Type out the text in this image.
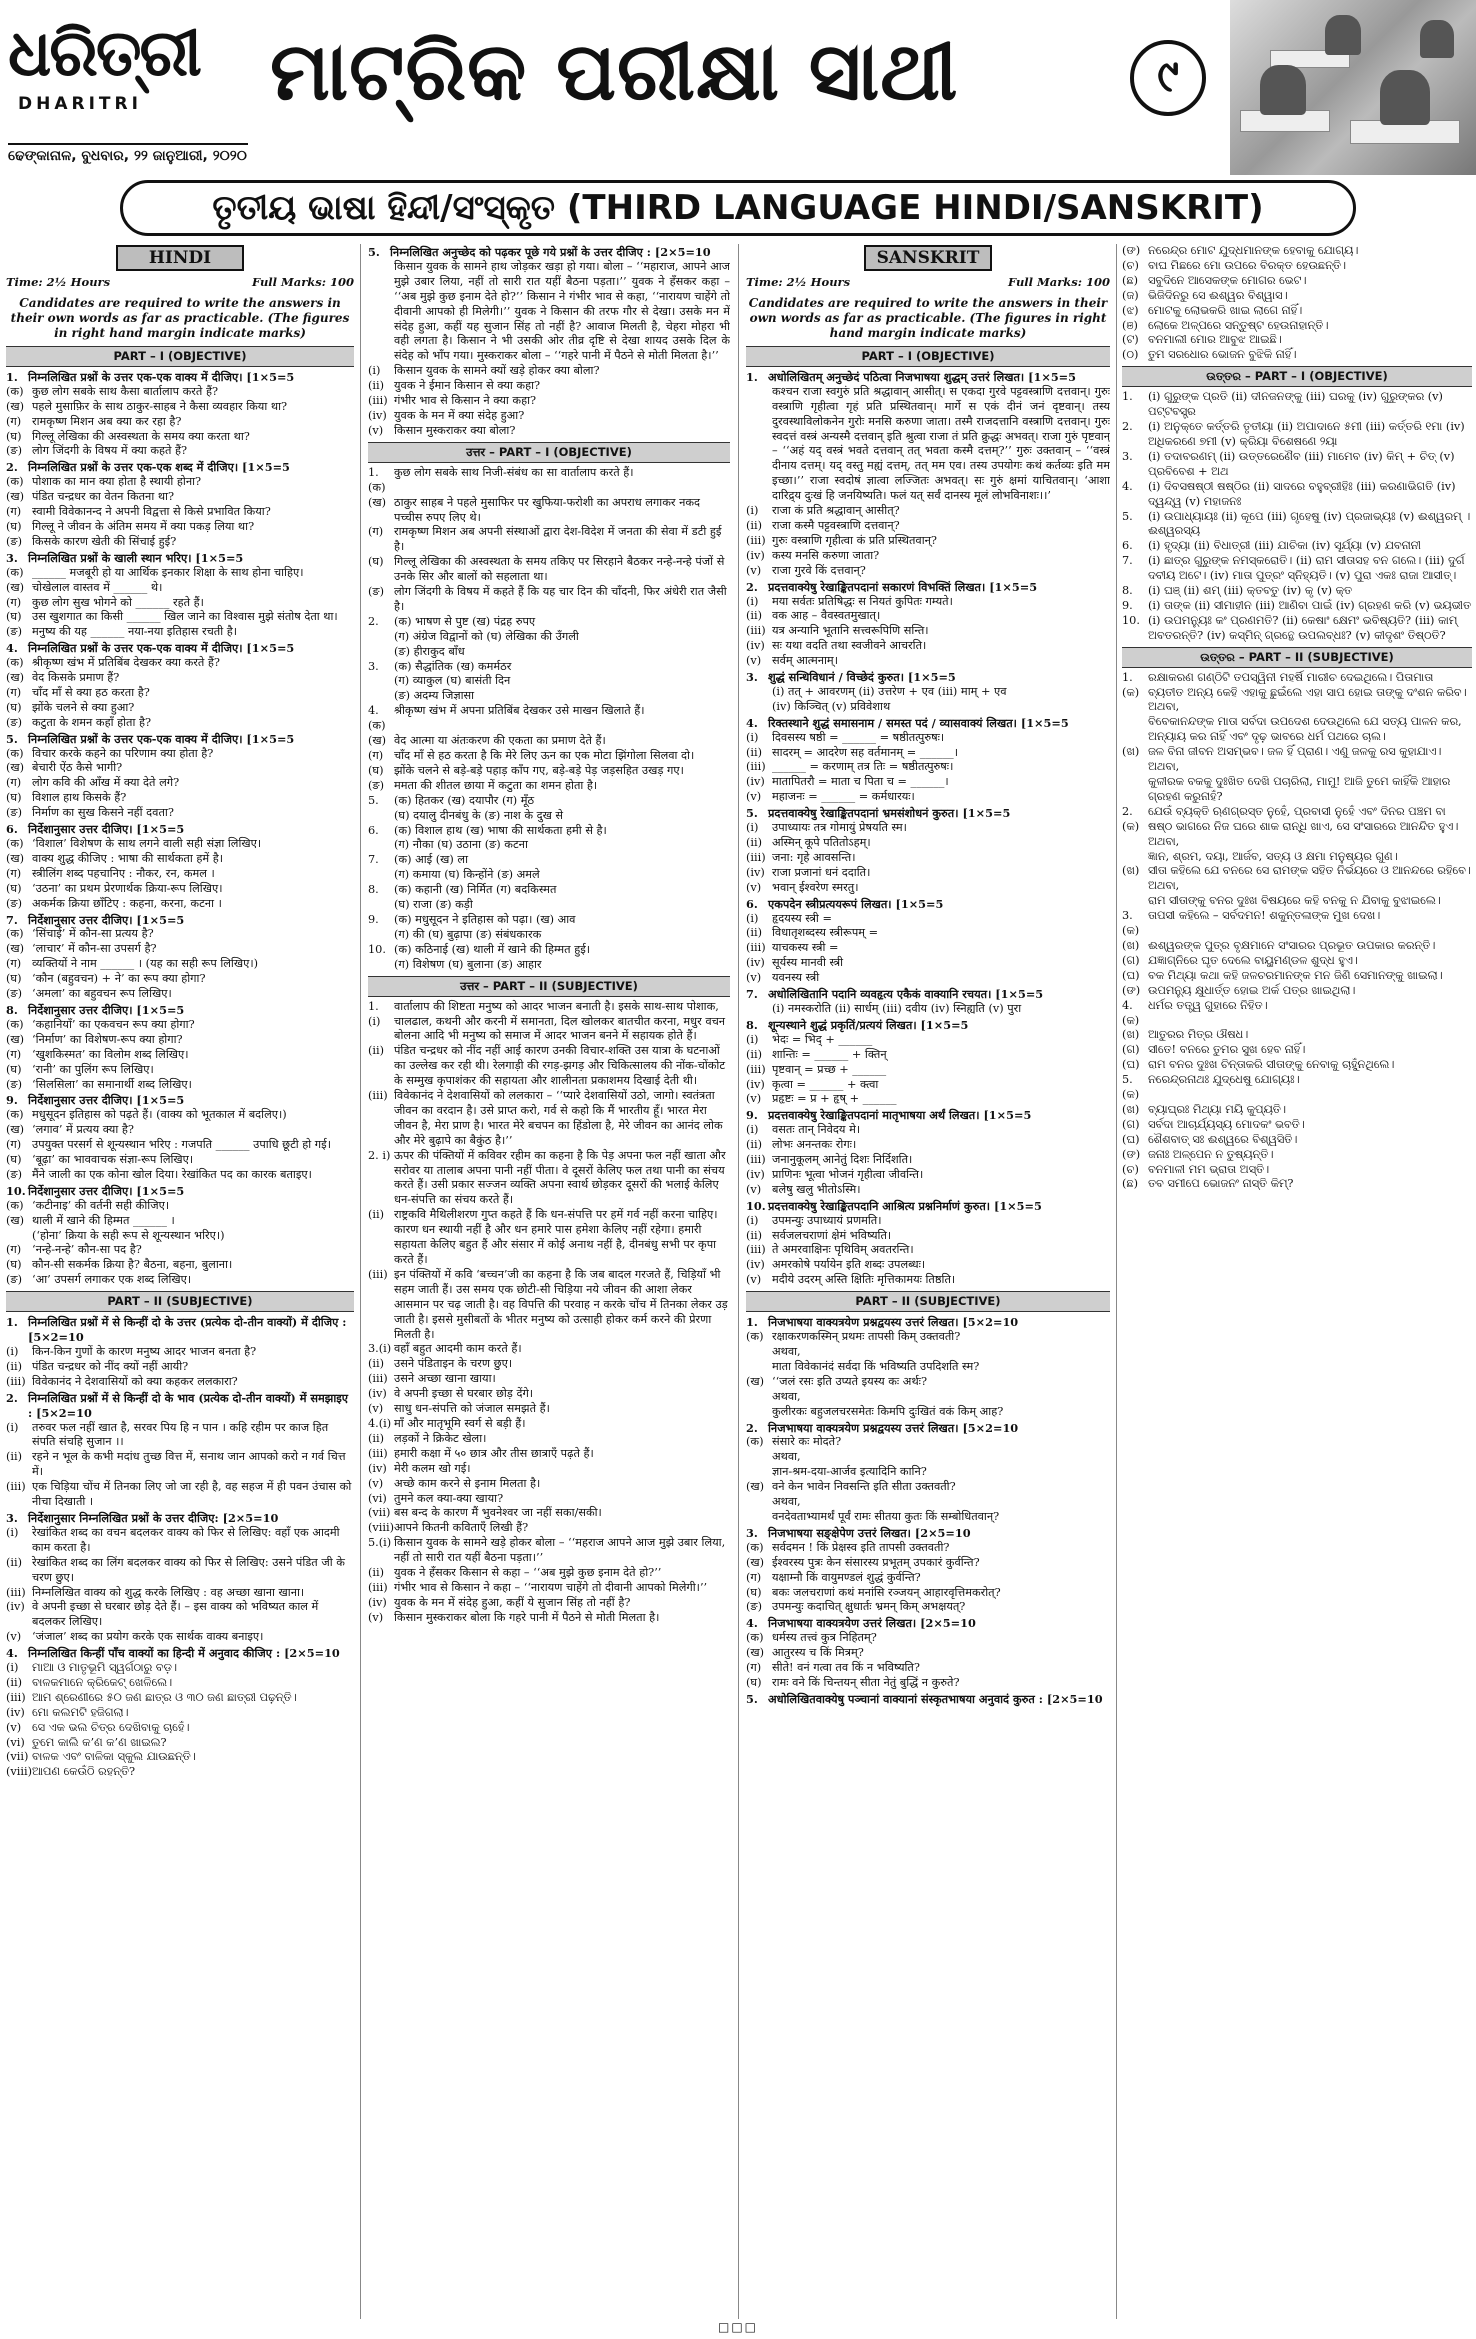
ଧରିତ୍ରୀ
DHARITRI
ଢେଙ୍କାନାଳ, ବୁଧବାର, ୨୨ ଜାନୁଆରୀ, ୨୦୨୦
ମାଟ୍ରିକ ପରୀକ୍ଷା ସାଥୀ	୯
ତୃତୀୟ ଭାଷା ହିନ୍ଦୀ/ସଂସ୍କୃତ (THIRD LANGUAGE HINDI/SANSKRIT)
HINDI
Time: 2½ Hours	Full Marks: 100
Candidates are required to write the answers in their own words as far as practicable. (The figures in right hand margin indicate marks)
PART – I (OBJECTIVE)
1. निम्नलिखित प्रश्नों के उत्तर एक-एक वाक्य में दीजिए। [1×5=5
(क) कुछ लोग सबके साथ कैसा बार्तालाप करते हैं?
(ख) पहले मुसाफ़िर के साथ ठाकुर-साहब ने कैसा व्यवहार किया था?
(ग) रामकृष्ण मिशन अब क्या कर रहा है?
(घ) गिल्लू लेखिका की अस्वस्थता के समय क्या करता था?
(ङ) लोग जिंदगी के विषय में क्या कहते हैं?
2. निम्नलिखित प्रश्नों के उत्तर एक-एक शब्द में दीजिए। [1×5=5
(क) पोशाक का मान क्या होता है स्थायी होना?
(ख) पंडित चन्द्रधर का वेतन कितना था?
(ग) स्वामी विवेकानन्द ने अपनी विद्वत्ता से किसे प्रभावित किया?
(घ) गिल्लू ने जीवन के अंतिम समय में क्या पकड़ लिया था?
(ङ) किसके कारण खेती की सिंचाई हुई?
3. निम्नलिखित प्रश्नों के खाली स्थान भरिए। [1×5=5
(क) ______ मजबूरी हो या आर्थिक इनकार शिक्षा के साथ होना चाहिए।
(ख) चोखेलाल वास्तव में ______ थे।
(ग) कुछ लोग सुख भोगने को ______ रहते हैं।
(घ) उस खुशगात का किसी ______ खिल जाने का विश्वास मुझे संतोष देता था।
(ङ) मनुष्य की यह ______ नया-नया इतिहास रचती है।
4. निम्नलिखित प्रश्नों के उत्तर एक-एक वाक्य में दीजिए। [1×5=5
(क) श्रीकृष्ण खंभ में प्रतिबिंब देखकर क्या करते हैं?
(ख) वेद किसके प्रमाण हैं?
(ग) चाँद माँ से क्या हठ करता है?
(घ) झोंके चलने से क्या हुआ?
(ङ) कटुता के शमन कहाँ होता है?
5. निम्नलिखित प्रश्नों के उत्तर एक-एक वाक्य में दीजिए। [1×5=5
(क) विचार करके कहने का परिणाम क्या होता है?
(ख) बेचारी ऐंठ कैसे भागी?
(ग) लोग कवि की आँख में क्या देते लगे?
(घ) विशाल हाथ किसके हैं?
(ङ) निर्माण का सुख किसने नहीं दवता?
6. निर्देशानुसार उत्तर दीजिए। [1×5=5
(क) ‘विशाल’ विशेषण के साथ लगने वाली सही संज्ञा लिखिए।
(ख) वाक्य शुद्ध कीजिए : भाषा की सार्थकता हमें है।
(ग) स्त्रीलिंग शब्द पहचानिए : नौकर, रन, कमल ।
(घ) ‘उठना’ का प्रथम प्रेरणार्थक क्रिया-रूप लिखिए।
(ङ) अकर्मक क्रिया छाँटिए : कहना, करना, कटना ।
7. निर्देशानुसार उत्तर दीजिए। [1×5=5
(क) ‘सिंचाई’ में कौन-सा प्रत्यय है?
(ख) ‘लाचार’ में कौन-सा उपसर्ग है?
(ग) व्यक्तियों ने नाम ______ । (यह का सही रूप लिखिए।)
(घ) ‘कौन (बहुवचन) + ने’ का रूप क्या होगा?
(ङ) ‘अमला’ का बहुवचन रूप लिखिए।
8. निर्देशानुसार उत्तर दीजिए। [1×5=5
(क) ‘कहानियाँ’ का एकवचन रूप क्या होगा?
(ख) ‘निर्माण’ का विशेषण-रूप क्या होगा?
(ग) ‘खुशकिस्मत’ का विलोम शब्द लिखिए।
(घ) ‘रानी’ का पुलिंग रूप लिखिए।
(ङ) ‘सिलसिला’ का समानार्थी शब्द लिखिए।
9. निर्देशानुसार उत्तर दीजिए। [1×5=5
(क) मधुसूदन इतिहास को पढ़ते हैं। (वाक्य को भूतकाल में बदलिए।)
(ख) ‘लगाव’ में प्रत्यय क्या है?
(ग) उपयुक्त परसर्ग से शून्यस्थान भरिए : गजपति ______ उपाधि छूटी हो गई।
(घ) ‘बूढ़ा’ का भाववाचक संज्ञा-रूप लिखिए।
(ङ) मैंने जाली का एक कोना खोल दिया। रेखांकित पद का कारक बताइए।
10. निर्देशानुसार उत्तर दीजिए। [1×5=5
(क) ‘कटीनाइ’ की वर्तनी सही कीजिए।
(ख) थाली में खाने की हिम्मत ______ ।
(‘होना’ क्रिया के सही रूप से शून्यस्थान भरिए।)
(ग) ‘नन्हे-नन्हे’ कौन-सा पद है?
(घ) कौन-सी सकर्मक क्रिया है? बैठना, बहना, बुलाना।
(ङ) ‘आ’ उपसर्ग लगाकर एक शब्द लिखिए।
PART – II (SUBJECTIVE)
1. निम्नलिखित प्रश्नों में से किन्हीं दो के उत्तर (प्रत्येक दो-तीन वाक्यों) में दीजिए : [5×2=10
(i)	किन-किन गुणों के कारण मनुष्य आदर भाजन बनता है?
(ii) पंडित चन्द्रधर को नींद क्यों नहीं आयी?
(iii) विवेकानंद ने देशवासियों को क्या कहकर ललकारा?
2. निम्नलिखित प्रश्नों में से किन्हीं दो के भाव (प्रत्येक दो-तीन वाक्यों) में समझाइए : [5×2=10
(i)	तरुवर फल नहीं खात है, सरवर पिय हि न पान । कहि रहीम पर काज हित संपति संचहि सुजान ।।
(ii) रहने न भूल के कभी मदांध तुच्छ वित्त में, सनाथ जान आपको करो न गर्व चित्त में।
(iii) एक चिड़िया चोंच में तिनका लिए जो जा रही है, वह सहज में ही पवन उंचास को नीचा दिखाती ।
3. निर्देशानुसार निम्नलिखित प्रश्नों के उत्तर दीजिए: [2×5=10
(i)	रेखांकित शब्द का वचन बदलकर वाक्य को फिर से लिखिए: वहाँ एक आदमी काम करता है।
(ii) रेखांकित शब्द का लिंग बदलकर वाक्य को फिर से लिखिए: उसने पंडित जी के चरण छुए।
(iii) निम्नलिखित वाक्य को शुद्ध करके लिखिए : वह अच्छा खाना खाना।
(iv) वे अपनी इच्छा से घरबार छोड़ देते हैं। – इस वाक्य को भविष्यत काल में बदलकर लिखिए।
(v) ‘जंजाल’ शब्द का प्रयोग करके एक सार्थक वाक्य बनाइए।
4. निम्नलिखित किन्हीं पाँच वाक्यों का हिन्दी में अनुवाद कीजिए : [2×5=10
(i)	ମାଆ ଓ ମାତୃଭୂମି ସ୍ୱର୍ଗଠାରୁ ବଡ଼।
(ii) ବାଳକମାନେ କ୍ରିକେଟ୍ ଖେଳିଲେ।
(iii) ଆମ ଶ୍ରେଣୀରେ ୫୦ ଜଣ ଛାତ୍ର ଓ ୩୦ ଜଣ ଛାତ୍ରୀ ପଢ଼ନ୍ତି।
(iv) ମୋ କଲମଟି ହଜିଗଲା।
(v) ସେ ଏକ ଭଲ ଚିତ୍ର ଦେଖିବାକୁ ଚାହେଁ।
(vi) ତୁମେ କାଲି କ’ଣ କ’ଣ ଖାଇଲ?
(vii) ବାଳକ ଏବଂ ବାଳିକା ସ୍କୁଲ ଯାଉଛନ୍ତି।
(viii) ଆପଣ କେଉଁଠି ରହନ୍ତି?
5. निम्नलिखित अनुच्छेद को पढ़कर पूछे गये प्रश्नों के उत्तर दीजिए : [2×5=10
किसान युवक के सामने हाथ जोड़कर खड़ा हो गया। बोला – ‘‘महाराज, आपने आज मुझे उबार लिया, नहीं तो सारी रात यहीं बैठना पड़ता।’’ युवक ने हँसकर कहा – ‘‘अब मुझे कुछ इनाम देते हो?’’ किसान ने गंभीर भाव से कहा, ‘‘नारायण चाहेंगे तो दीवानी आपको ही मिलेगी।’’ युवक ने किसान की तरफ गौर से देखा। उसके मन में संदेह हुआ, कहीं यह सुजान सिंह तो नहीं है? आवाज मिलती है, चेहरा मोहरा भी वही लगता है। किसान ने भी उसकी ओर तीव्र दृष्टि से देखा शायद उसके दिल के संदेह को भाँप गया। मुस्कराकर बोला – ‘‘गहरे पानी में पैठने से मोती मिलता है।’’
(i)	किसान युवक के सामने क्यों खड़े होकर क्या बोला?
(ii) युवक ने ईमान किसान से क्या कहा?
(iii) गंभीर भाव से किसान ने क्या कहा?
(iv) युवक के मन में क्या संदेह हुआ?
(v) किसान मुस्कराकर क्या बोला?
उत्तर – PART – I (OBJECTIVE)
1. (क)
कुछ लोग सबके साथ निजी-संबंध का सा वार्तालाप करते हैं।
(ख) ठाकुर साहब ने पहले मुसाफिर पर खुफिया-फरोशी का अपराध लगाकर नकद पच्चीस रुपए लिए थे।
(ग) रामकृष्ण मिशन अब अपनी संस्थाओं द्वारा देश-विदेश में जनता की सेवा में डटी हुई है।
(घ) गिल्लू लेखिका की अस्वस्थता के समय तकिए पर सिरहाने बैठकर नन्हे-नन्हे पंजों से उनके सिर और बालों को सहलाता था।
(ङ) लोग जिंदगी के विषय में कहते हैं कि यह चार दिन की चाँदनी, फिर अंधेरी रात जैसी है।
2.	(क) भाषण से पुष्ट (ख) पंद्रह रुपए
(ग) अंग्रेज विद्वानों को (घ) लेखिका की उँगली
(ङ) हीराकुद बाँध
3.	(क) सैद्धांतिक (ख) कमर्मठर
(ग) व्याकुल (घ) बासंती दिन
(ङ) अदम्य जिज्ञासा
4.(क)
श्रीकृष्ण खंभ में अपना प्रतिबिंब देखकर उसे माखन खिलाते हैं।
(ख) वेद आत्मा या अंतःकरण की एकता का प्रमाण देते हैं।
(ग) चाँद माँ से हठ करता है कि मेरे लिए ऊन का एक मोटा झिंगोला सिलवा दो।
(घ) झोंके चलने से बड़े-बड़े पहाड़ काँप गए, बड़े-बड़े पेड़ जड़सहित उखड़ गए।
(ङ) ममता की शीतल छाया में कटुता का शमन होता है।
5.	(क) हितकर (ख) दयापौर (ग) मूँठ
(घ) दयालु दीनबंधु के (ङ) नाश के दुख से
6.	(क) विशाल हाथ (ख) भाषा की सार्थकता हमी से है।
(ग) नौका (घ) उठाना (ङ) कटना
7.	(क) आई (ख) ला
(ग) कमाया (घ) किन्होंने (ङ) अमले
8.	(क) कहानी (ख) निर्मित (ग) बदकिस्मत
(घ) राजा (ङ) कड़ी
9.	(क) मधुसूदन ने इतिहास को पढ़ा। (ख) आव
(ग) की (घ) बुढ़ापा (ङ) संबंधकारक
10. (क) कठिनाई (ख) थाली में खाने की हिम्मत हुई।
(ग) विशेषण (घ) बुलाना (ङ) आहार
उत्तर – PART – II (SUBJECTIVE)
1. (i)
वार्तालाप की शिष्टता मनुष्य को आदर भाजन बनाती है। इसके साथ-साथ पोशाक, चालढाल, कथनी और करनी में समानता, दिल खोलकर बातचीत करना, मधुर वचन बोलना आदि भी मनुष्य को समाज में आदर भाजन बनने में सहायक होते हैं।
(ii) पंडित चन्द्रधर को नींद नहीं आई कारण उनकी विचार-शक्ति उस यात्रा के घटनाओं का उल्लेख कर रही थी। रेलगाड़ी की रगड़-झगड़ और चिकित्सालय की नोंक-चोंकोट के सम्मुख कृपाशंकर की सहायता और शालीनता प्रकाशमय दिखाई देती थी।
(iii) विवेकानंद ने देशवासियों को ललकारा – ‘‘प्यारे देशवासियों उठो, जागो। स्वतंत्रता जीवन का वरदान है। उसे प्राप्त करो, गर्व से कहो कि मैं भारतीय हूँ। भारत मेरा जीवन है, मेरा प्राण है। भारत मेरे बचपन का हिंडोला है, मेरे जीवन का आनंद लोक और मेरे बुढ़ापे का बैकुंठ है।’’
2. i) ऊपर की पंक्तियों में कविवर रहीम का कहना है कि पेड़ अपना फल नहीं खाता और सरोवर या तालाब अपना पानी नहीं पीता। वे दूसरों केलिए फल तथा पानी का संचय करते हैं। उसी प्रकार सज्जन व्यक्ति अपना स्वार्थ छोड़कर दूसरों की भलाई केलिए धन-संपत्ति का संचय करते हैं।
(ii) राष्ट्रकवि मैथिलीशरण गुप्त कहते हैं कि धन-संपत्ति पर हमें गर्व नहीं करना चाहिए। कारण धन स्थायी नहीं है और धन हमारे पास हमेशा केलिए नहीं रहेगा। हमारी सहायता केलिए बहुत हैं और संसार में कोई अनाथ नहीं है, दीनबंधु सभी पर कृपा करते हैं।
(iii) इन पंक्तियों में कवि ‘बच्चन’जी का कहना है कि जब बादल गरजते हैं, चिड़ियाँ भी सहम जाती हैं। उस समय एक छोटी-सी चिड़िया नये जीवन की आशा लेकर आसमान पर चढ़ जाती है। वह विपत्ति की परवाह न करके चोंच में तिनका लेकर उड़ जाती है। इससे मुसीबतों के भीतर मनुष्य को उत्साही होकर कर्म करने की प्रेरणा मिलती है।
3.(i) वहाँ बहुत आदमी काम करते हैं।
(ii) उसने पंडिताइन के चरण छुए।
(iii) उसने अच्छा खाना खाया।
(iv) वे अपनी इच्छा से घरबार छोड़ देंगे।
(v) साधु धन-संपत्ति को जंजाल समझते हैं।
4.(i) माँ और मातृभूमि स्वर्ग से बड़ी हैं।
(ii) लड़कों ने क्रिकेट खेला।
(iii) हमारी कक्षा में ५० छात्र और तीस छात्राएँ पढ़ते हैं।
(iv) मेरी कलम खो गई।
(v) अच्छे काम करने से इनाम मिलता है।
(vi) तुमने कल क्या-क्या खाया?
(vii) बस बन्द के कारण मैं भुवनेश्वर जा नहीं सका/सकी।
(viii) आपने कितनी कविताएँ लिखी हैं?
5.(i) किसान युवक के सामने खड़े होकर बोला – ‘‘महराज आपने आज मुझे उबार लिया, नहीं तो सारी रात यहीं बैठना पड़ता।’’
(ii) युवक ने हँसकर किसान से कहा – ‘‘अब मुझे कुछ इनाम देते हो?’’
(iii) गंभीर भाव से किसान ने कहा – ‘‘नारायण चाहेंगे तो दीवानी आपको मिलेगी।’’
(iv) युवक के मन में संदेह हुआ, कहीं ये सुजान सिंह तो नहीं है?
(v) किसान मुस्कराकर बोला कि गहरे पानी में पैठने से मोती मिलता है।
SANSKRIT
Time: 2½ Hours	Full Marks: 100
Candidates are required to write the answers in their own words as far as practicable. (The figures in right hand margin indicate marks)
PART – I (OBJECTIVE)
1. अधोलिखितम् अनुच्छेदं पठित्वा निजभाषया शुद्धम् उत्तरं लिखत। [1×5=5
कश्चन राजा स्वगुरुं प्रति श्रद्धावान् आसीत्। स एकदा गुरवे पट्टवस्त्राणि दत्तवान्। गुरुः वस्त्राणि गृहीत्वा गृहं प्रति प्रस्थितवान्। मार्गे स एकं दीनं जनं दृष्टवान्। तस्य दुरवस्थाविलोकनेन गुरोः मनसि करुणा जाता। तस्मै राजदत्तानि वस्त्राणि दत्तवान्। गुरुः स्वदत्तं वस्त्रं अन्यस्मै दत्तवान् इति श्रुत्वा राजा तं प्रति क्रुद्धः अभवत्। राजा गुरुं पृष्टवान् – ‘‘अहं यद् वस्त्रं भवते दत्तवान् तत् भवता कस्मै दत्तम्?’’ गुरुः उक्तवान् – ‘‘वस्त्रं दीनाय दत्तम्। यद् वस्तु मह्यं दत्तम्, तत् मम एव। तस्य उपयोगः कथं कर्तव्यः इति मम इच्छा।’’ राजा स्वदोषं ज्ञात्वा लज्जितः अभवत्। सः गुरुं क्षमां याचितवान्। ‘आशा दारिद्र्य दुःखं हि जनयिष्यति। फलं यत् सर्वं दानस्य मूलं लोभविनाशः।।’
(i)	राजा कं प्रति श्रद्धावान् आसीत्?
(ii) राजा कस्मै पट्टवस्त्राणि दत्तवान्?
(iii) गुरुः वस्त्राणि गृहीत्वा कं प्रति प्रस्थितवान्?
(iv) कस्य मनसि करुणा जाता?
(v) राजा गुरवे किं दत्तवान्?
2. प्रदत्तवाक्येषु रेखाङ्कितपदानां सकारणं विभक्तिं लिखत। [1×5=5
(i)	मया सर्वतः प्रतिषिद्धः स नियतं कुपितः गम्यते।
(ii) वक आह – वैवस्वतमुखात्।
(iii) यत्र अन्यानि भूतानि सत्त्वरूपिणि सन्ति।
(iv) सः यथा वदति तथा स्वजीवने आचरति।
(v) सर्वम् आत्मनाम्।
3. शुद्धं सन्धिविधानं / विच्छेदं कुरुत। [1×5=5
(i) तत् + आवरणम् (ii) उत्तरेण + एव (iii) माम् + एव
(iv) किञ्चित् (v) प्रविवेशाथ
4. रिक्तस्थाने शुद्धं समासनाम / समस्त पदं / व्यासवाक्यं लिखत। [1×5=5
(i)	दिवसस्य षष्ठी = ______ = षष्ठीतत्पुरुषः।
(ii) सादरम् = आदरेण सह वर्तमानम् = ______।
(iii) ______ = करणाम् तत्र तिः = षष्ठीतत्पुरुषः।
(iv) मातापितरौ = माता च पिता च = ______।
(v) महाजनः = ______ = कर्मधारयः।
5. प्रदत्तवाक्येषु रेखाङ्कितपदानां भ्रमसंशोधनं कुरुत। [1×5=5
(i)	उपाध्यायः तत्र गोमायुं प्रेषयति स्म।
(ii) अस्मिन् कूपे पतितोऽहम्।
(iii) जना: गृहे आवसन्ति।
(iv) राजा प्रजानां धनं ददाति।
(v) भवान् ईश्वरेण स्मरतु।
6. एकपदेन स्त्रीप्रत्ययरूपं लिखत। [1×5=5
(i)	हृदयस्य स्त्री =
(ii) विधातृशब्दस्य स्त्रीरूपम् =
(iii) याचकस्य स्त्री =
(iv) सूर्यस्य मानवी स्त्री
(v) यवनस्य स्त्री
7. अधोलिखितानि पदानि व्यवहृत्य एकैकं वाक्यानि रचयत। [1×5=5
(i) नमस्करोति (ii) सार्धम् (iii) दवीय (iv) स्निह्यति (v) पुरा
8. शून्यस्थाने शुद्धं प्रकृतिं/प्रत्ययं लिखत। [1×5=5
(i)	भेदः = भिद् + ______
(ii) शान्तिः = ______ + क्तिन्
(iii) पृष्टवान् = प्रच्छ + ______
(iv) कृत्वा = ______ + क्त्वा
(v) प्रहृष्टः = प्र + हृष् + ______
9. प्रदत्तवाक्येषु रेखाङ्कितपदानां मातृभाषया अर्थं लिखत। [1×5=5
(i)	वसतः तान् निवेदय मे।
(ii) लोभः अनन्तकः रोगः।
(iii) जनानुकूलम् आनेतुं दिशः निर्दिशति।
(iv) प्राणिनः भूत्वा भोजनं गृहीत्वा जीवन्ति।
(v) बलेषु खलु भीतोऽस्मि।
10. प्रदत्तवाक्येषु रेखाङ्कितपदानि आश्रित्य प्रश्ननिर्माणं कुरुत। [1×5=5
(i)	उपमन्युः उपाध्यायं प्रणमति।
(ii) सर्वजलचराणां क्षेमं भविष्यति।
(iii) ते अमरवाक्षिनः पृथिविम् अवतरन्ति।
(iv) अमरकोषे पर्यायेन इति शब्दः उपलब्धः।
(v) मदीये उदरम् अस्ति क्षितिः मृत्तिकामयः तिष्ठति।
PART – II (SUBJECTIVE)
1. निजभाषया वाक्यत्रयेण प्रश्नद्वयस्य उत्तरं लिखत। [5×2=10
(क) रक्षाकरणकस्मिन् प्रथमः तापसी किम् उक्तवती?
अथवा,
माता विवेकानंदं सर्वदा किं भविष्यति उपदिशति स्म?
(ख) ‘‘जलं रसः इति उप्यते इयस्य कः अर्थः?
अथवा,
कुलीरकः बहुजलचरसमेतः किमपि दुःखितं वकं किम् आह?
2. निजभाषया वाक्यत्रयेण प्रश्नद्वयस्य उत्तरं लिखत। [5×2=10
(क) संसारे कः मोदते?
अथवा,
ज्ञान-श्रम-दया-आर्जव इत्यादिनि कानि?
(ख) वने केन भावेन निवसन्ति इति सीता उक्तवती?
अथवा,
वनदेवताभ्यामर्थं पूर्वं रामः सीतया कुतः किं सम्बोधितवान्?
3. निजभाषया सङ्क्षेपेण उत्तरं लिखत। [2×5=10
(क) सर्वदमन ! किं प्रेक्षस्व इति तापसी उक्तवती?
(ख) ईश्वरस्य पुत्रः केन संसारस्य प्रभूतम् उपकारं कुर्वन्ति?
(ग) यक्षाम्नौ किं वायुमण्डलं शुद्धं कुर्वन्ति?
(घ) बकः जलचराणां कथं मनांसि रञ्जयन् आहारवृत्तिमकरोत्?
(ङ) उपमन्युः कदाचित् क्षुधार्तः भ्रमन् किम् अभक्षयत्?
4. निजभाषया वाक्यत्रयेण उत्तरं लिखत। [2×5=10
(क) धर्मस्य तत्त्वं कुत्र निहितम्?
(ख) आतुरस्य च किं मित्रम्?
(ग) सीते! वनं गत्वा तव किं न भविष्यति?
(घ) रामः वने किं चिन्तयन् सीता नेतुं बुद्धिं न कुरुते?
5. अधोलिखितवाक्येषु पञ्चानां वाक्यानां संस्कृतभाषया अनुवादं कुरुत : [2×5=10
(ଙ) ନରେନ୍ଦ୍ର ମୋଟ ଯୁଦ୍ଧମାନଙ୍କ ହେବାକୁ ଯୋଗ୍ୟ।
(ଚ) ବାଘ ମିଛରେ ମୋ ଉପରେ ବିରକ୍ତ ହେଉଛନ୍ତି।
(ଛ) ସବୁଦିନେ ଆସେକଙ୍କ ମୋଗର ଭେଟ।
(ଜ) ଭିଜିଦିନରୁ ସେ ଈଶ୍ୱର ବିଶ୍ୱାସ।
(ଝ) ମୋଟକୁ ଲୋଭକରି ଖାଇ ଲାଗେ ନାହିଁ।
(ଞ) ଲୋକେ ଅଳ୍ପରେ ସନ୍ତୁଷ୍ଟ ହେଉନାହାନ୍ତି।
(ଟ) ବନମାଲୀ ମୋର ଆବୁଝ ଆଇଛି।
(ଠ) ତୁମ ସରଧୋର ଭୋଜନ ବୁଝିକି ନାହିଁ।
ଉତ୍ତର – PART – I (OBJECTIVE)
1.	(i) ଗୁରୁଙ୍କ ପ୍ରତି (ii) ଦୀନଜନଙ୍କୁ (iii) ଘରକୁ (iv) ଗୁରୁଙ୍କର (v) ପଟ୍ଟବସ୍ତ୍ର
2.	(i) ଅନୁକ୍ତେ କର୍ତ୍ତରି ତୃତୀୟା (ii) ଅପାଦାନେ ୫ମୀ (iii) କର୍ତ୍ତରି ୧ମା (iv) ଅଧିକରଣେ ୭ମୀ (v) କ୍ରିୟା ବିଶେଷଣେ ୨ୟା
3.	(i) ତଦାବରଣମ୍ (ii) ଉତ୍ତରେଣୈବ (iii) ମାମେବ (iv) କିମ୍ + ଚିତ୍ (v) ପ୍ରବିବେଶ + ଅଥ
4.	(i) ଦିବସଷଷ୍ଠୀ ଷଷ୍ଠିର (ii) ସାଦରେ ବହୁବ୍ରୀହିଃ (iii) କରଣାଭିଗତି (iv) ଦ୍ୱନ୍ଦ୍ୱ (v) ମହାଜନଃ
5.	(i) ଉପାଧ୍ୟାୟଃ (ii) କୂପେ (iii) ଗୃହେଷୁ (iv) ପ୍ରଜାଭ୍ୟଃ (v) ଈଶ୍ୱରମ୍ । ଈଶ୍ୱରସ୍ୟ
6.	(i) ହୃଦ୍ୟା (ii) ବିଧାତ୍ରୀ (iii) ଯାଚିକା (iv) ସୂର୍ଯ୍ୟା (v) ଯବନାନୀ
7.	(i) ଛାତ୍ର ଗୁରୁଙ୍କ ନମସ୍କରୋତି। (ii) ରାମ ସୀତାସହ ବନ ଗଲେ। (iii) ଦୁର୍ଗ ଦବୀୟ ଅଟେ। (iv) ମାତା ପୁତ୍ରଂ ସ୍ନିହ୍ୟତି। (v) ପୁରା ଏକଃ ରାଜା ଆସୀତ୍।
8.	(i) ଘଞ୍ (ii) ଶମ୍ (iii) କ୍ତବତୁ (iv) କୃ (v) କ୍ତ
9.	(i) ତାଙ୍କ (ii) ସୀମାହୀନ (iii) ଆଣିବା ପାଇଁ (iv) ଗ୍ରହଣ କରି (v) ଭୟଭୀତ
10. (i) ଉପମନ୍ୟୁଃ କଂ ପ୍ରଣମତି? (ii) କେଷାଂ କ୍ଷେମଂ ଭବିଷ୍ୟତି? (iii) କାମ୍ ଅବତରନ୍ତି? (iv) କସ୍ମିନ୍ ଗ୍ରନ୍ଥେ ଉପଲବ୍ଧଃ? (v) କୀଦୃଶଂ ତିଷ୍ଠତି?
ଉତ୍ତର – PART – II (SUBJECTIVE)
1.(କ)
ରକ୍ଷାକରଣ ଗଣ୍ଠିଟି ତପସ୍ୱିନୀ ମହର୍ଷି ମାରୀଚ ଦେଇଥିଲେ। ପିତାମାତା ବ୍ୟତୀତ ଅନ୍ୟ କେହି ଏହାକୁ ଛୁଇଁଲେ ଏହା ସାପ ହୋଇ ତାଙ୍କୁ ଦଂଶନ କରିବ।
ଅଥବା,
ବିବେକାନନ୍ଦଙ୍କ ମାତା ସର୍ବଦା ଉପଦେଶ ଦେଉଥିଲେ ଯେ ସତ୍ୟ ପାଳନ କର, ଅନ୍ୟାୟ କର ନାହିଁ ଏବଂ ଦୃଢ଼ ଭାବରେ ଧର୍ମ ପଥରେ ଚାଲ।
(ଖ) ଜଳ ବିନା ଜୀବନ ଅସମ୍ଭବ। ଜଳ ହିଁ ପ୍ରାଣ। ଏଣୁ ଜଳକୁ ରସ କୁହାଯାଏ।
ଅଥବା,
କୁଳୀରକ ବକକୁ ଦୁଃଖିତ ଦେଖି ପଚାରିଲା, ମାମୁ! ଆଜି ତୁମେ କାହିଁକି ଆହାର ଗ୍ରହଣ କରୁନାହଁ?
2.(କ)
ଯେଉଁ ବ୍ୟକ୍ତି ଋଣଗ୍ରସ୍ତ ନୁହେଁ, ପ୍ରବାସୀ ନୁହେଁ ଏବଂ ଦିନର ପଞ୍ଚମ ବା ଷଷ୍ଠ ଭାଗରେ ନିଜ ଘରେ ଶାକ ରାନ୍ଧି ଖାଏ, ସେ ସଂସାରରେ ଆନନ୍ଦିତ ହୁଏ।
ଅଥବା,
ଜ୍ଞାନ, ଶ୍ରମ, ଦୟା, ଆର୍ଜବ, ସତ୍ୟ ଓ କ୍ଷମା ମନୁଷ୍ୟର ଗୁଣ।
(ଖ) ସୀତା କହିଲେ ଯେ ବନରେ ସେ ରାମଙ୍କ ସହିତ ନିର୍ଭୟରେ ଓ ଆନନ୍ଦରେ ରହିବେ।
ଅଥବା,
ରାମ ସୀତାଙ୍କୁ ବନର ଦୁଃଖ ବିଷୟରେ କହି ବନକୁ ନ ଯିବାକୁ ବୁଝାଇଲେ।
3.(କ)
ତାପସୀ କହିଲେ – ସର୍ବଦମନ! ଶକୁନ୍ତଳାଙ୍କ ମୁଖ ଦେଖ।
(ଖ) ଈଶ୍ୱରଙ୍କ ପୁତ୍ର ବୃକ୍ଷମାନେ ସଂସାରର ପ୍ରଭୂତ ଉପକାର କରନ୍ତି।
(ଗ) ଯଜ୍ଞାଗ୍ନିରେ ଘୃତ ଦେଲେ ବାୟୁମଣ୍ଡଳ ଶୁଦ୍ଧ ହୁଏ।
(ଘ) ବକ ମିଥ୍ୟା କଥା କହି ଜଳଚରମାନଙ୍କ ମନ ଜିଣି ସେମାନଙ୍କୁ ଖାଇଲା।
(ଙ) ଉପମନ୍ୟୁ କ୍ଷୁଧାର୍ତ୍ତ ହୋଇ ଅର୍କ ପତ୍ର ଖାଇଥିଲା।
4.(କ)
ଧର୍ମର ତତ୍ତ୍ୱ ଗୁହାରେ ନିହିତ।
(ଖ) ଆତୁରର ମିତ୍ର ଔଷଧ।
(ଗ) ସୀତେ! ବନରେ ତୁମର ସୁଖ ହେବ ନାହିଁ।
(ଘ) ରାମ ବନର ଦୁଃଖ ଚିନ୍ତାକରି ସୀତାଙ୍କୁ ନେବାକୁ ଚାହୁଁନଥିଲେ।
5.(କ)
ନରେନ୍ଦ୍ରନାଥଃ ଯୁଦ୍ଧେଷୁ ଯୋଗ୍ୟଃ।
(ଖ) ବ୍ୟାଘ୍ରଃ ମିଥ୍ୟା ମୟି କୁପ୍ୟତି।
(ଗ) ସର୍ବଦା ଆଚାର୍ଯ୍ୟସ୍ୟ ମୋଦକଂ ଭବତି।
(ଘ) ଶୈଶବାତ୍ ସଃ ଈଶ୍ୱରେ ବିଶ୍ୱସିତି।
(ଙ) ଜନାଃ ଅଳ୍ପେନ ନ ତୁଷ୍ୟନ୍ତି।
(ଚ) ବନମାଳୀ ମମ ଭ୍ରାତା ଅସ୍ତି।
(ଛ) ତବ ସମୀପେ ଭୋଜନଂ ନାସ୍ତି କିମ୍?
□□□
